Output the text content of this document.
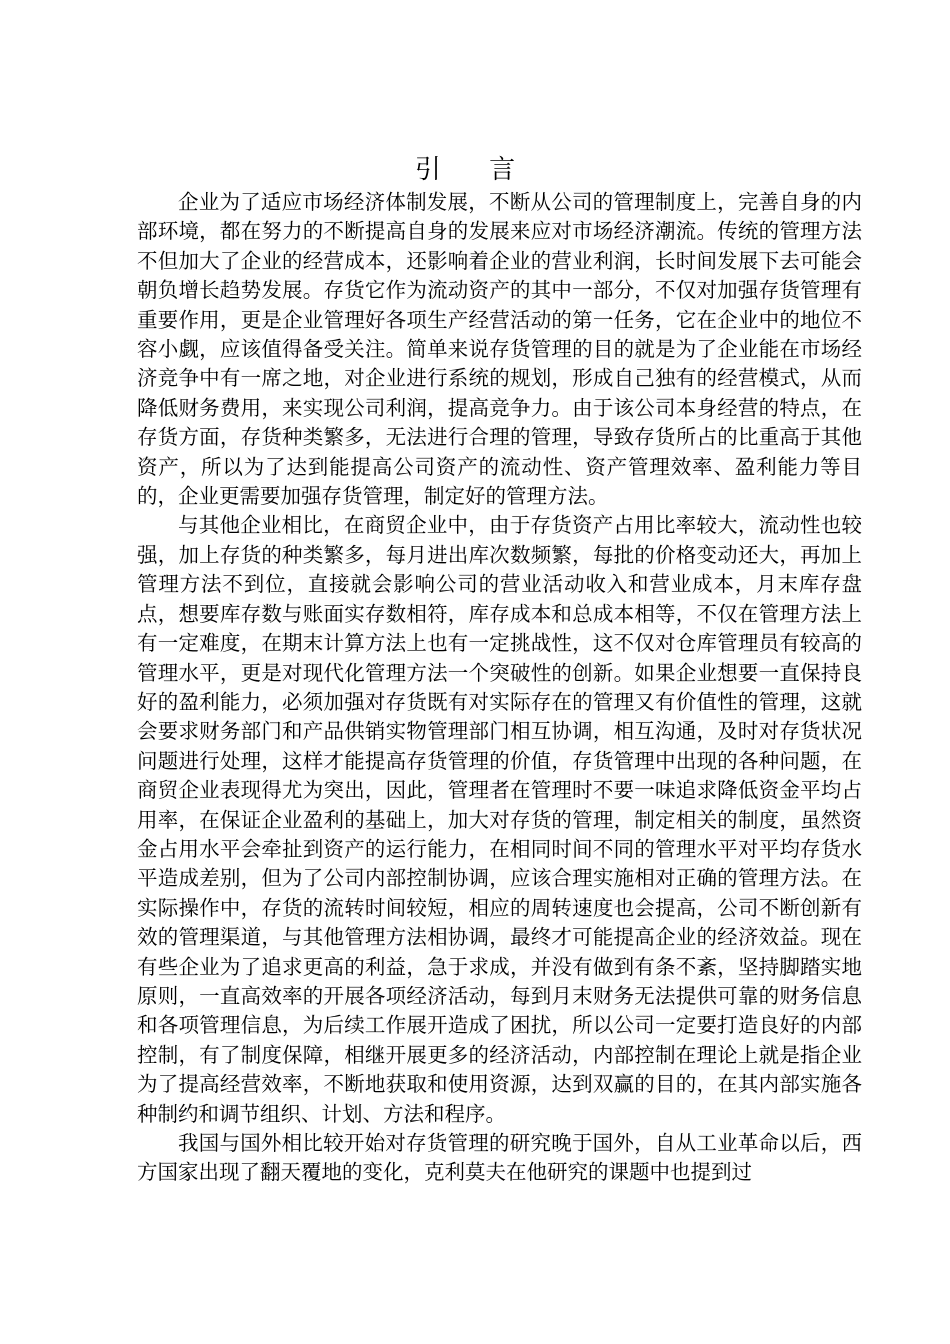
引 言

企业为了适应市场经济体制发展，不断从公司的管理制度上，完善自身的内部环境，都在努力的不断提高自身的发展来应对市场经济潮流。传统的管理方法不但加大了企业的经营成本，还影响着企业的营业利润，长时间发展下去可能会朝负增长趋势发展。存货它作为流动资产的其中一部分，不仅对加强存货管理有重要作用，更是企业管理好各项生产经营活动的第一任务，它在企业中的地位不容小觑，应该值得备受关注。简单来说存货管理的目的就是为了企业能在市场经济竞争中有一席之地，对企业进行系统的规划，形成自己独有的经营模式，从而降低财务费用，来实现公司利润，提高竞争力。由于该公司本身经营的特点，在存货方面，存货种类繁多，无法进行合理的管理，导致存货所占的比重高于其他资产，所以为了达到能提高公司资产的流动性、资产管理效率、盈利能力等目的，企业更需要加强存货管理，制定好的管理方法。

与其他企业相比，在商贸企业中，由于存货资产占用比率较大，流动性也较强，加上存货的种类繁多，每月进出库次数频繁，每批的价格变动还大，再加上管理方法不到位，直接就会影响公司的营业活动收入和营业成本，月末库存盘点，想要库存数与账面实存数相符，库存成本和总成本相等，不仅在管理方法上有一定难度，在期末计算方法上也有一定挑战性，这不仅对仓库管理员有较高的管理水平，更是对现代化管理方法一个突破性的创新。如果企业想要一直保持良好的盈利能力，必须加强对存货既有对实际存在的管理又有价值性的管理，这就会要求财务部门和产品供销实物管理部门相互协调，相互沟通，及时对存货状况问题进行处理，这样才能提高存货管理的价值，存货管理中出现的各种问题，在商贸企业表现得尤为突出，因此，管理者在管理时不要一味追求降低资金平均占用率，在保证企业盈利的基础上，加大对存货的管理，制定相关的制度，虽然资金占用水平会牵扯到资产的运行能力，在相同时间不同的管理水平对平均存货水平造成差别，但为了公司内部控制协调，应该合理实施相对正确的管理方法。在实际操作中，存货的流转时间较短，相应的周转速度也会提高，公司不断创新有效的管理渠道，与其他管理方法相协调，最终才可能提高企业的经济效益。现在有些企业为了追求更高的利益，急于求成，并没有做到有条不紊，坚持脚踏实地原则，一直高效率的开展各项经济活动，每到月末财务无法提供可靠的财务信息和各项管理信息，为后续工作展开造成了困扰，所以公司一定要打造良好的内部控制，有了制度保障，相继开展更多的经济活动，内部控制在理论上就是指企业为了提高经营效率，不断地获取和使用资源，达到双赢的目的，在其内部实施各种制约和调节组织、计划、方法和程序。

我国与国外相比较开始对存货管理的研究晚于国外，自从工业革命以后，西方国家出现了翻天覆地的变化，克利莫夫在他研究的课题中也提到过
